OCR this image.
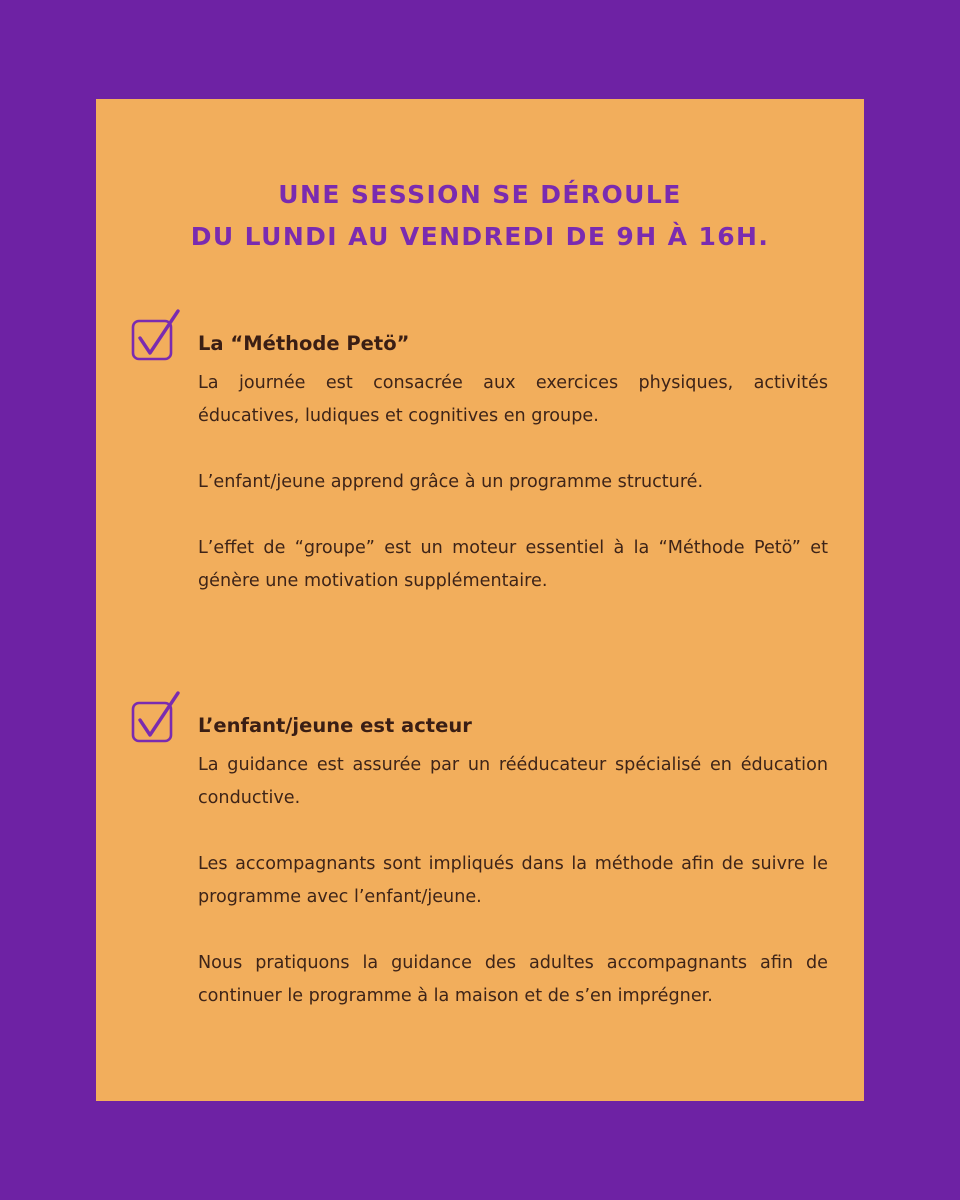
UNE SESSION SE DÉROULE
DU LUNDI AU VENDREDI DE 9H À 16H.
La “Méthode Petö”

La journée est consacrée aux exercices physiques, activités éducatives, ludiques et cognitives en groupe.

L’enfant/jeune apprend grâce à un programme structuré.

L’effet de “groupe” est un moteur essentiel à la “Méthode Petö” et génère une motivation supplémentaire.

L’enfant/jeune est acteur

La guidance est assurée par un rééducateur spécialisé en éducation conductive.

Les accompagnants sont impliqués dans la méthode afin de suivre le programme avec l’enfant/jeune.

Nous pratiquons la guidance des adultes accompagnants afin de continuer le programme à la maison et de s’en imprégner.
